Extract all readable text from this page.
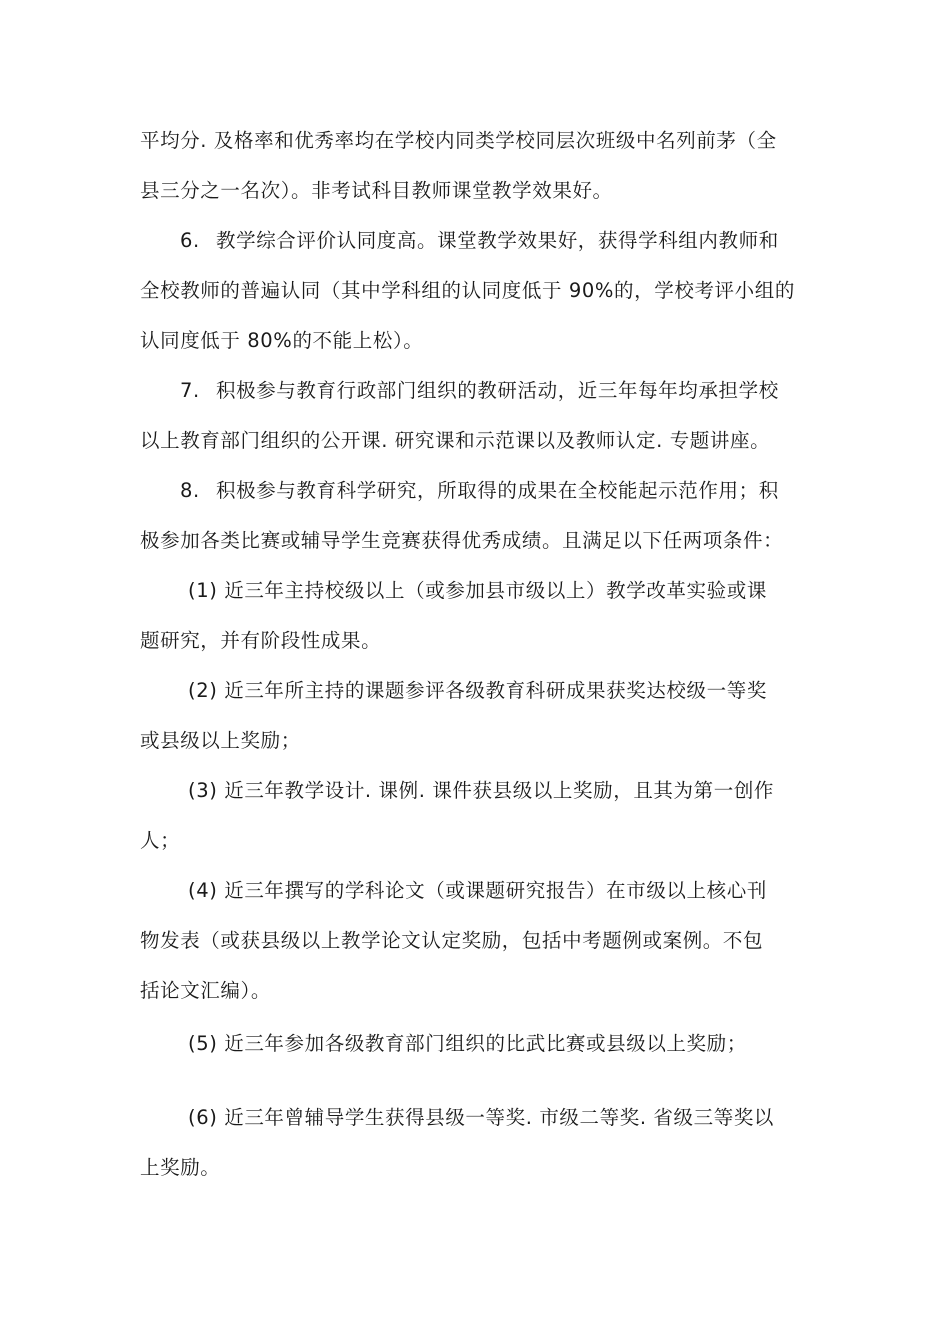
平均分. 及格率和优秀率均在学校内同类学校同层次班级中名列前茅（全
县三分之一名次）。非考试科目教师课堂教学效果好。
6. 教学综合评价认同度高。课堂教学效果好，获得学科组内教师和
全校教师的普遍认同（其中学科组的认同度低于 90%的，学校考评小组的
认同度低于 80%的不能上松）。
7. 积极参与教育行政部门组织的教研活动，近三年每年均承担学校
以上教育部门组织的公开课. 研究课和示范课以及教师认定. 专题讲座。
8. 积极参与教育科学研究，所取得的成果在全校能起示范作用；积
极参加各类比赛或辅导学生竞赛获得优秀成绩。且满足以下任两项条件：
(1) 近三年主持校级以上（或参加县市级以上）教学改革实验或课
题研究，并有阶段性成果。
(2) 近三年所主持的课题参评各级教育科研成果获奖达校级一等奖
或县级以上奖励；
(3) 近三年教学设计. 课例. 课件获县级以上奖励，且其为第一创作
人；
(4) 近三年撰写的学科论文（或课题研究报告）在市级以上核心刊
物发表（或获县级以上教学论文认定奖励，包括中考题例或案例。不包
括论文汇编）。
(5) 近三年参加各级教育部门组织的比武比赛或县级以上奖励；
(6) 近三年曾辅导学生获得县级一等奖. 市级二等奖. 省级三等奖以
上奖励。
